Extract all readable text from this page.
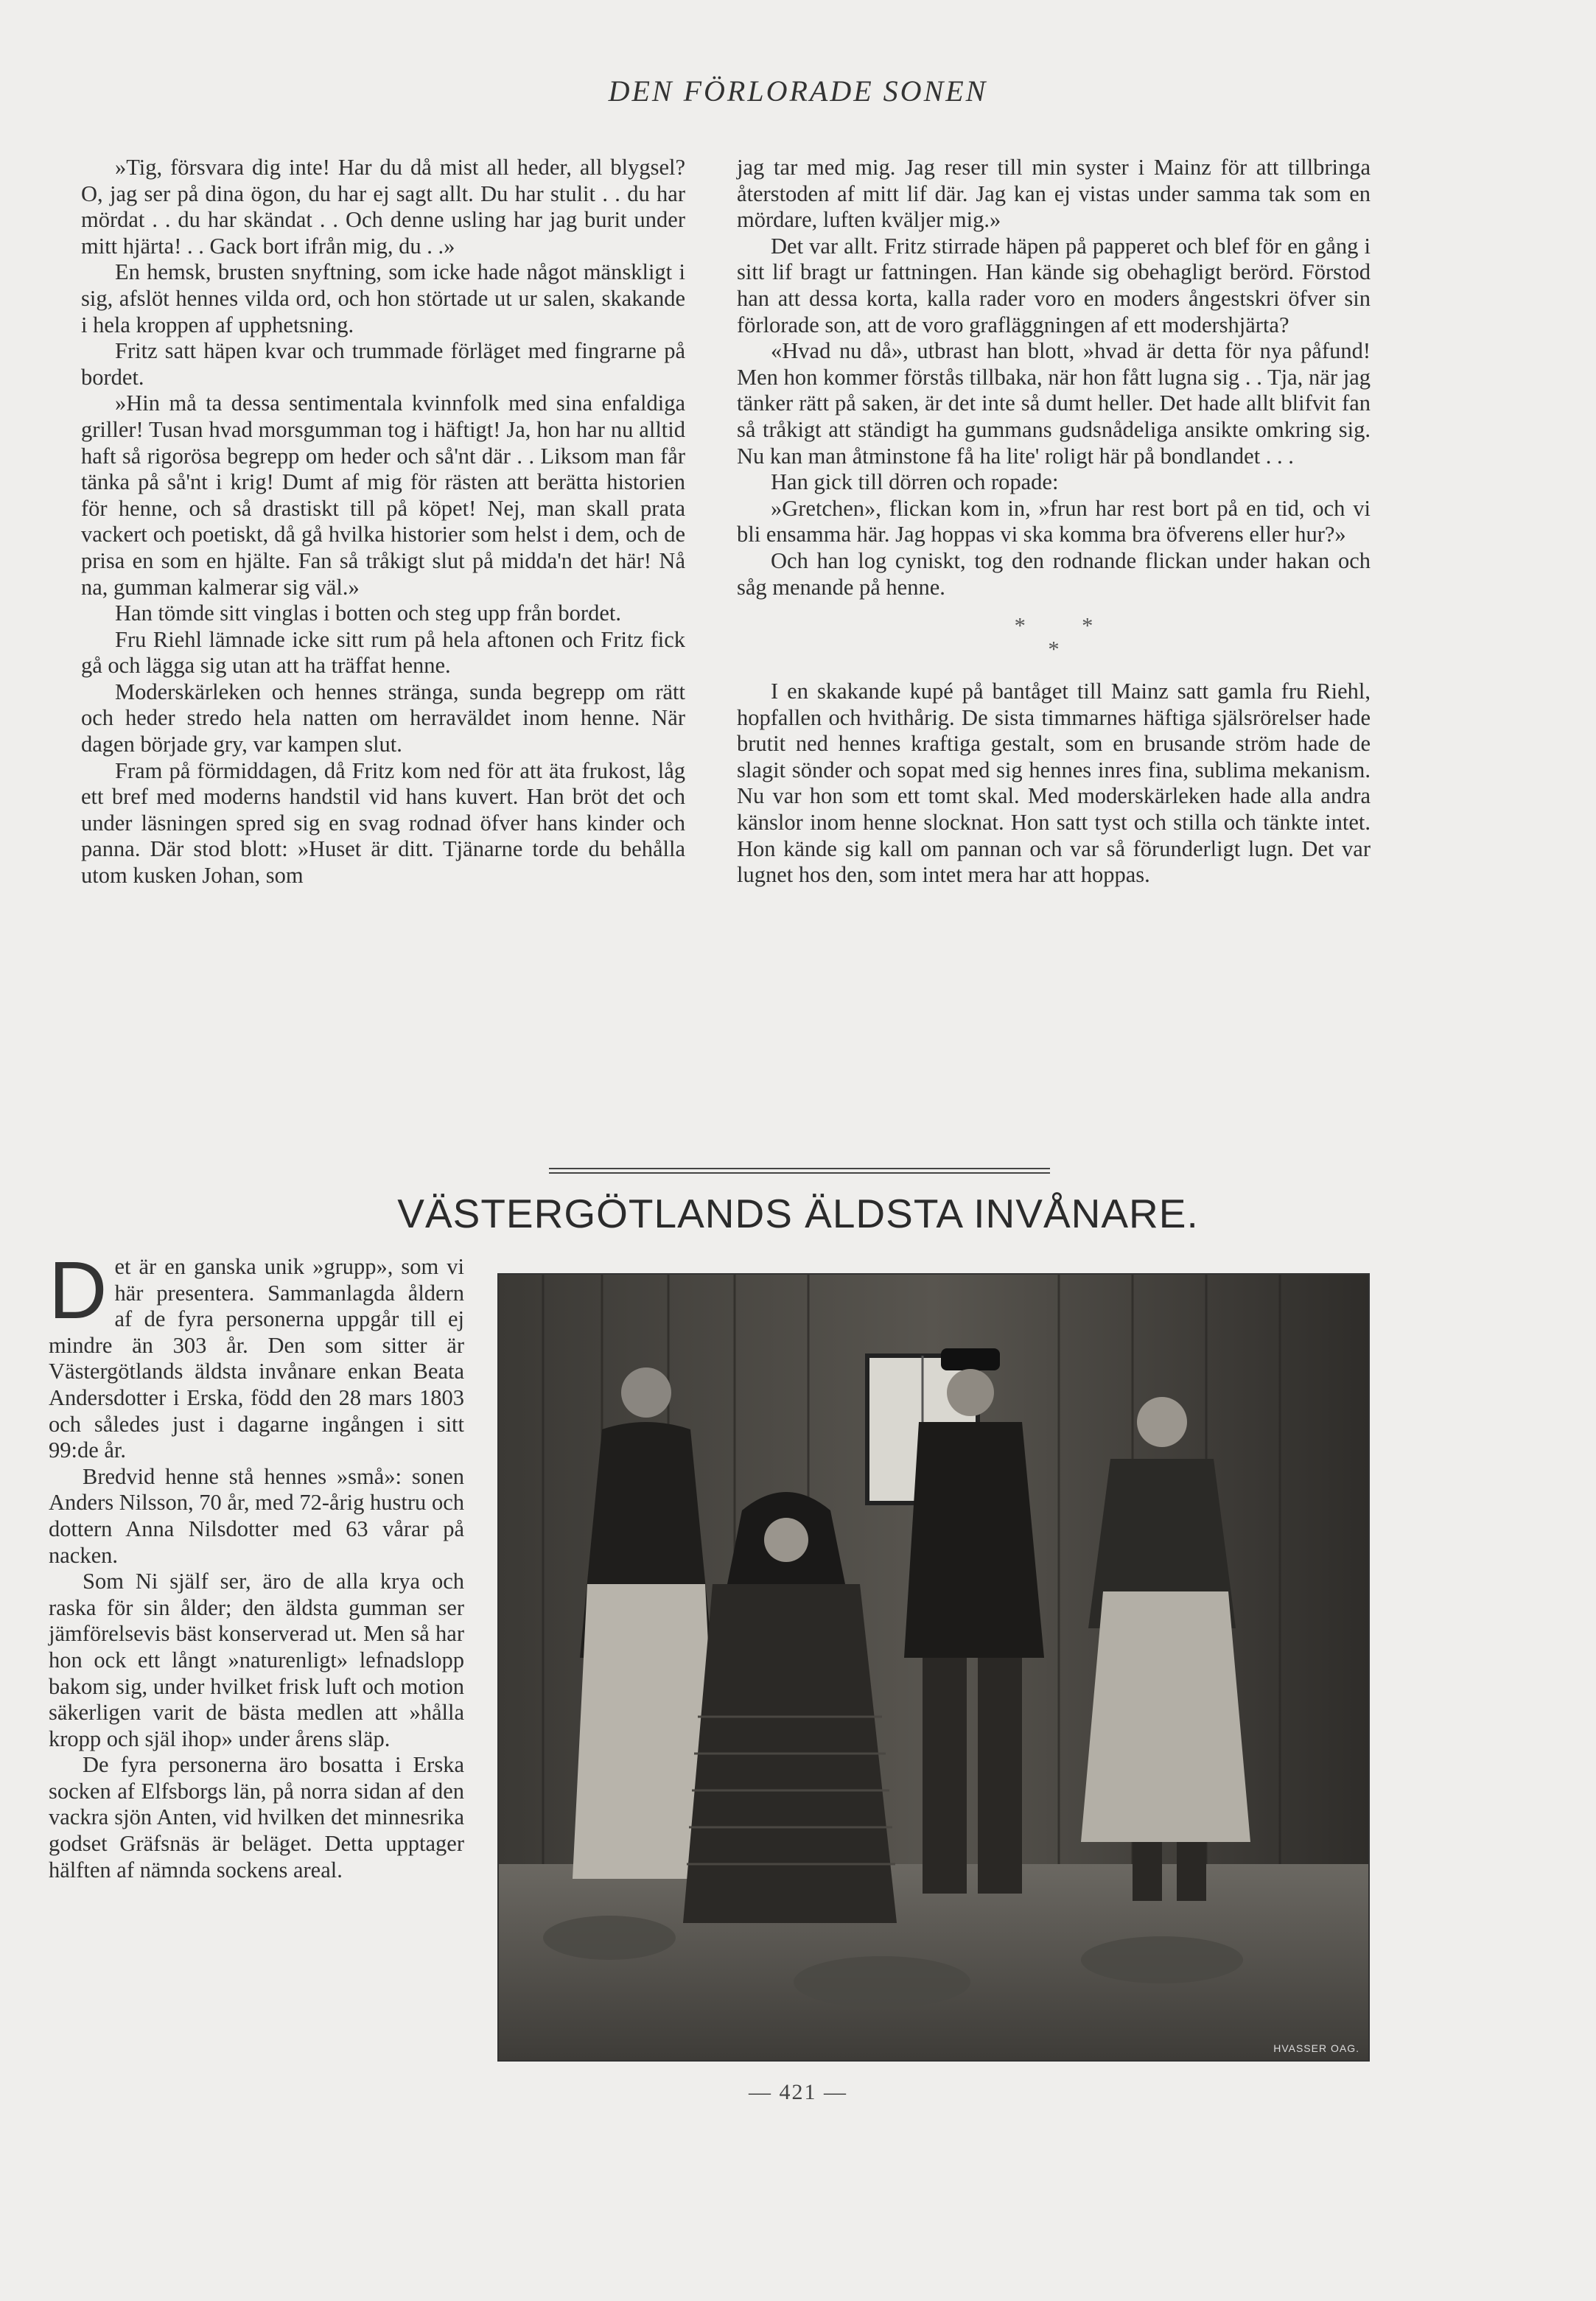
DEN FÖRLORADE SONEN

»Tig, försvara dig inte! Har du då mist all heder, all blygsel? O, jag ser på dina ögon, du har ej sagt allt. Du har stulit . . du har mördat . . du har skändat . . Och denne usling har jag burit under mitt hjärta! . . Gack bort ifrån mig, du . .»

En hemsk, brusten snyftning, som icke hade något mänskligt i sig, afslöt hennes vilda ord, och hon störtade ut ur salen, skakande i hela kroppen af upphetsning.

Fritz satt häpen kvar och trummade förläget med fingrarne på bordet.

»Hin må ta dessa sentimentala kvinnfolk med sina enfaldiga griller! Tusan hvad morsgumman tog i häftigt! Ja, hon har nu alltid haft så rigorösa begrepp om heder och så'nt där . . Liksom man får tänka på så'nt i krig! Dumt af mig för rästen att berätta historien för henne, och så drastiskt till på köpet! Nej, man skall prata vackert och poetiskt, då gå hvilka historier som helst i dem, och de prisa en som en hjälte. Fan så tråkigt slut på midda'n det här! Nå na, gumman kalmerar sig väl.»

Han tömde sitt vinglas i botten och steg upp från bordet.

Fru Riehl lämnade icke sitt rum på hela aftonen och Fritz fick gå och lägga sig utan att ha träffat henne.

Moderskärleken och hennes stränga, sunda begrepp om rätt och heder stredo hela natten om herraväldet inom henne. När dagen började gry, var kampen slut.

Fram på förmiddagen, då Fritz kom ned för att äta frukost, låg ett bref med moderns handstil vid hans kuvert. Han bröt det och under läsningen spred sig en svag rodnad öfver hans kinder och panna. Där stod blott: »Huset är ditt. Tjänarne torde du behålla utom kusken Johan, som

jag tar med mig. Jag reser till min syster i Mainz för att tillbringa återstoden af mitt lif där. Jag kan ej vistas under samma tak som en mördare, luften kväljer mig.»

Det var allt. Fritz stirrade häpen på papperet och blef för en gång i sitt lif bragt ur fattningen. Han kände sig obehagligt berörd. Förstod han att dessa korta, kalla rader voro en moders ångestskri öfver sin förlorade son, att de voro grafläggningen af ett modershjärta?

«Hvad nu då», utbrast han blott, »hvad är detta för nya påfund! Men hon kommer förstås tillbaka, när hon fått lugna sig . . Tja, när jag tänker rätt på saken, är det inte så dumt heller. Det hade allt blifvit fan så tråkigt att ständigt ha gummans gudsnådeliga ansikte omkring sig. Nu kan man åtminstone få ha lite' roligt här på bondlandet . . .

Han gick till dörren och ropade:

»Gretchen», flickan kom in, »frun har rest bort på en tid, och vi bli ensamma här. Jag hoppas vi ska komma bra öfverens eller hur?»

Och han log cyniskt, tog den rodnande flickan under hakan och såg menande på henne.

*          *
*

I en skakande kupé på bantåget till Mainz satt gamla fru Riehl, hopfallen och hvithårig. De sista timmarnes häftiga själsrörelser hade brutit ned hennes kraftiga gestalt, som en brusande ström hade de slagit sönder och sopat med sig hennes inres fina, sublima mekanism. Nu var hon som ett tomt skal. Med moderskärleken hade alla andra känslor inom henne slocknat. Hon satt tyst och stilla och tänkte intet. Hon kände sig kall om pannan och var så förunderligt lugn. Det var lugnet hos den, som intet mera har att hoppas.

VÄSTERGÖTLANDS ÄLDSTA INVÅNARE.

Det är en ganska unik »grupp», som vi här presentera. Sammanlagda åldern af de fyra personerna uppgår till ej mindre än 303 år. Den som sitter är Västergötlands äldsta invånare enkan Beata Andersdotter i Erska, född den 28 mars 1803 och således just i dagarne ingången i sitt 99:de år.

Bredvid henne stå hennes »små»: sonen Anders Nilsson, 70 år, med 72-årig hustru och dottern Anna Nilsdotter med 63 vårar på nacken.

Som Ni själf ser, äro de alla krya och raska för sin ålder; den äldsta gumman ser jämförelsevis bäst konserverad ut. Men så har hon ock ett långt »naturenligt» lefnadslopp bakom sig, under hvilket frisk luft och motion säkerligen varit de bästa medlen att »hålla kropp och själ ihop» under årens släp.

De fyra personerna äro bosatta i Erska socken af Elfsborgs län, på norra sidan af den vackra sjön Anten, vid hvilken det minnesrika godset Gräfsnäs är beläget. Detta upptager hälften af nämnda sockens areal.

HVASSER OAG.
— 421 —
